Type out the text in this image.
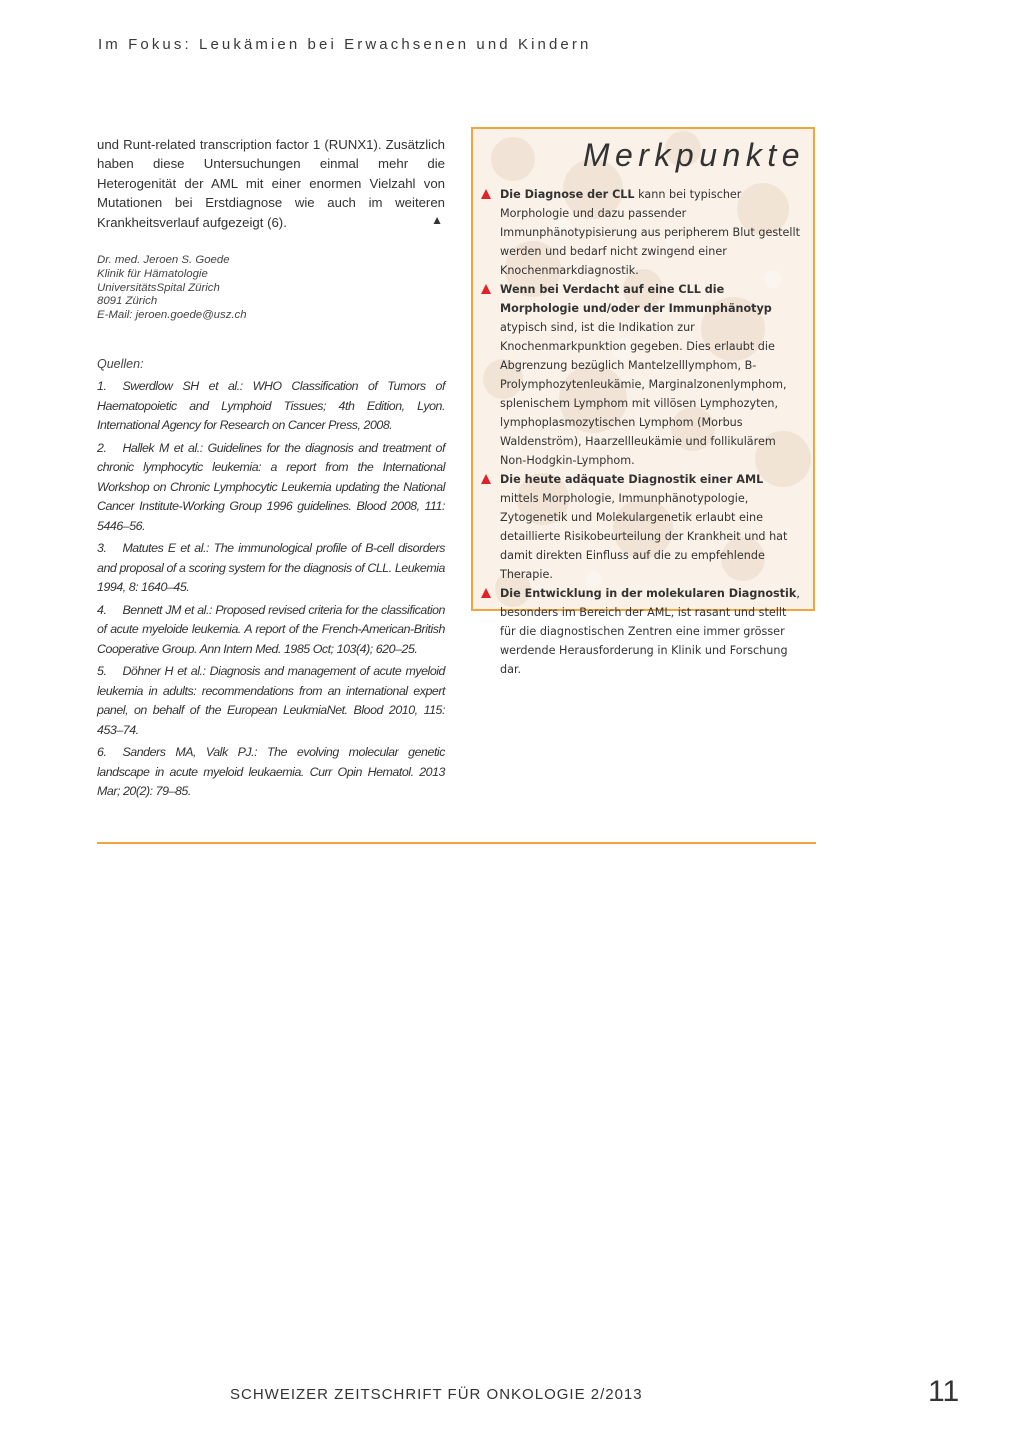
Im Fokus: Leukämien bei Erwachsenen und Kindern

und Runt-related transcription factor 1 (RUNX1). Zusätzlich haben diese Untersuchungen einmal mehr die Heterogenität der AML mit einer enormen Vielzahl von Mutationen bei Erstdiagnose wie auch im weiteren Krankheitsverlauf aufgezeigt (6).	▲

Dr. med. Jeroen S. Goede
Klinik für Hämatologie
UniversitätsSpital Zürich
8091 Zürich
E-Mail: jeroen.goede@usz.ch
Quellen:
1. Swerdlow SH et al.: WHO Classification of Tumors of Haematopoietic and Lymphoid Tissues; 4th Edition, Lyon. International Agency for Research on Cancer Press, 2008.
2. Hallek M et al.: Guidelines for the diagnosis and treatment of chronic lymphocytic leukemia: a report from the International Workshop on Chronic Lymphocytic Leukemia updating the National Cancer Institute-Working Group 1996 guidelines. Blood 2008, 111: 5446–56.
3. Matutes E et al.: The immunological profile of B-cell disorders and proposal of a scoring system for the diagnosis of CLL. Leukemia 1994, 8: 1640–45.
4. Bennett JM et al.: Proposed revised criteria for the classification of acute myeloide leukemia. A report of the French-American-British Cooperative Group. Ann Intern Med. 1985 Oct; 103(4); 620–25.
5. Döhner H et al.: Diagnosis and management of acute myeloid leukemia in adults: recommendations from an international expert panel, on behalf of the European LeukmiaNet. Blood 2010, 115: 453–74.
6. Sanders MA, Valk PJ.: The evolving molecular genetic landscape in acute myeloid leukaemia. Curr Opin Hematol. 2013 Mar; 20(2): 79–85.
Merkpunkte
Die Diagnose der CLL kann bei typischer Morphologie und dazu passender Immunphänotypisierung aus peripherem Blut gestellt werden und bedarf nicht zwingend einer Knochenmarkdiagnostik.
Wenn bei Verdacht auf eine CLL die Morphologie und/oder der Immunphänotyp atypisch sind, ist die Indikation zur Knochenmarkpunktion gegeben. Dies erlaubt die Abgrenzung bezüglich Mantelzelllymphom, B-Prolymphozytenleukämie, Marginalzonenlymphom, splenischem Lymphom mit villösen Lymphozyten, lymphoplasmozytischen Lymphom (Morbus Waldenström), Haarzellleukämie und follikulärem Non-Hodgkin-Lymphom.
Die heute adäquate Diagnostik einer AML mittels Morphologie, Immunphänotypologie, Zytogenetik und Molekulargenetik erlaubt eine detaillierte Risikobeurteilung der Krankheit und hat damit direkten Einfluss auf die zu empfehlende Therapie.
Die Entwicklung in der molekularen Diagnostik, besonders im Bereich der AML, ist rasant und stellt für die diagnostischen Zentren eine immer grösser werdende Herausforderung in Klinik und Forschung dar.
SCHWEIZER ZEITSCHRIFT FÜR ONKOLOGIE 2/2013	11
